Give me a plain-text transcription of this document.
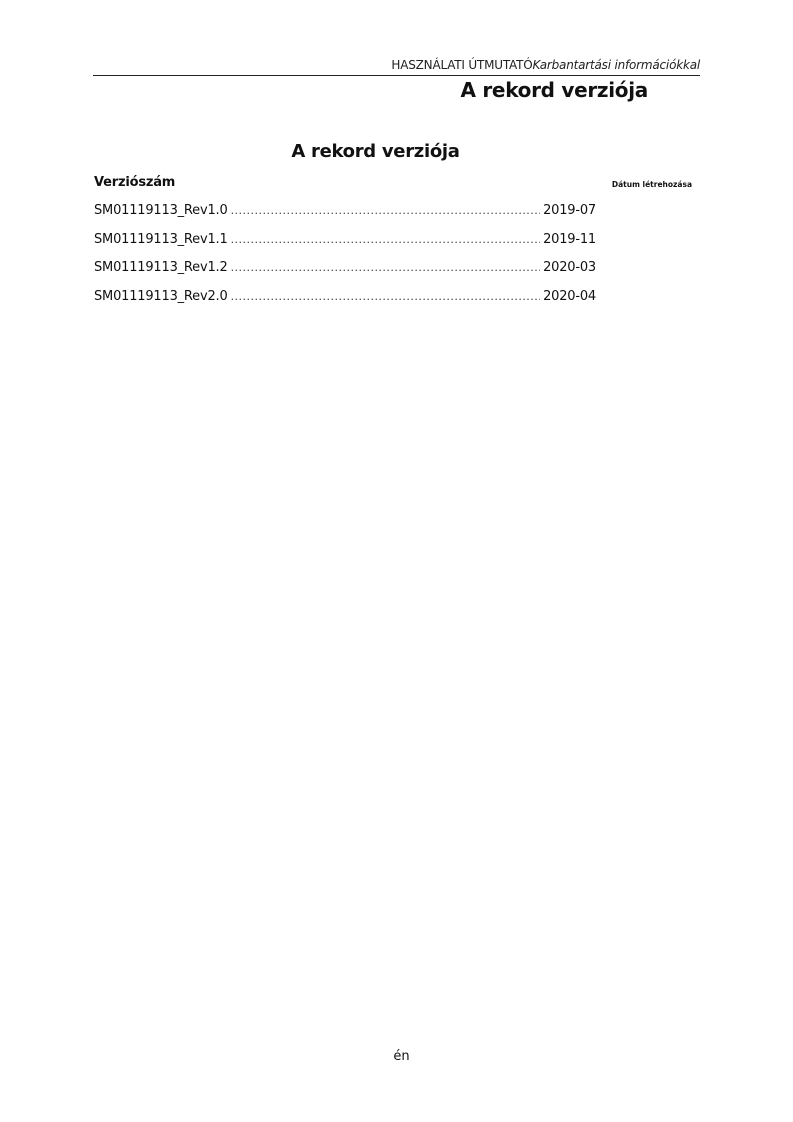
HASZNÁLATI ÚTMUTATÓKarbantartási információkkal
A rekord verziója
A rekord verziója
Verziószám	Dátum létrehozása
SM01119113_Rev1.0 .....	2019-07
SM01119113_Rev1.1 .....	2019-11
SM01119113_Rev1.2 .....	2020-03
SM01119113_Rev2.0 .....	2020-04
én
